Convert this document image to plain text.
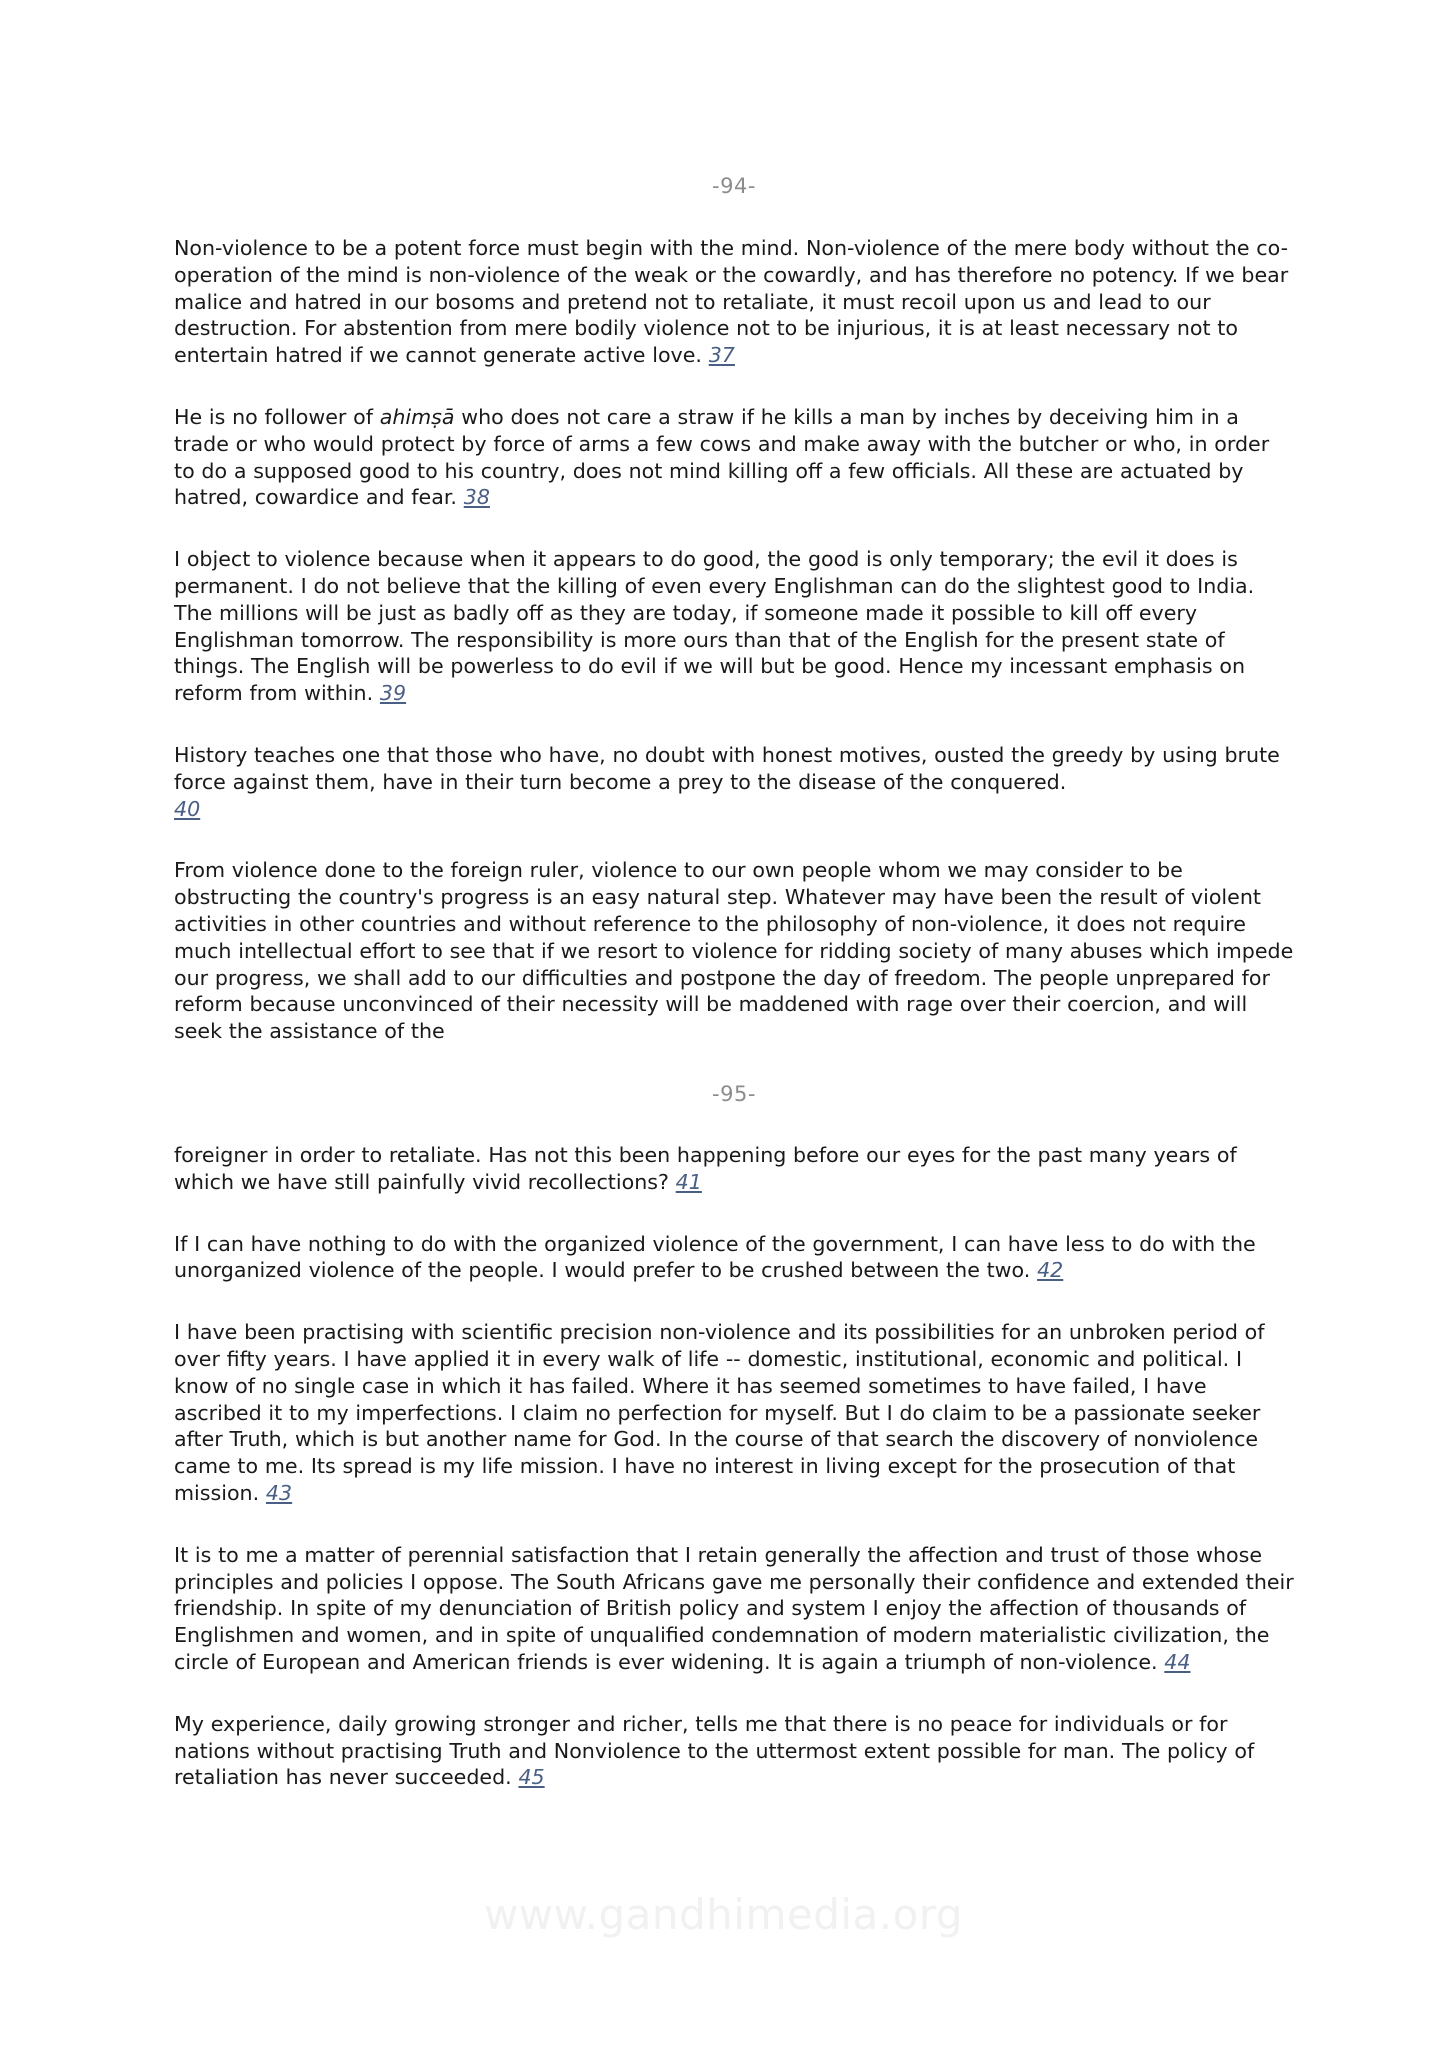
-94-

Non-violence to be a potent force must begin with the mind. Non-violence of the mere body without the co-operation of the mind is non-violence of the weak or the cowardly, and has therefore no potency. If we bear malice and hatred in our bosoms and pretend not to retaliate, it must recoil upon us and lead to our destruction. For abstention from mere bodily violence not to be injurious, it is at least necessary not to entertain hatred if we cannot generate active love. 37

He is no follower of ahimṣā who does not care a straw if he kills a man by inches by deceiving him in a trade or who would protect by force of arms a few cows and make away with the butcher or who, in order to do a supposed good to his country, does not mind killing off a few officials. All these are actuated by hatred, cowardice and fear. 38

I object to violence because when it appears to do good, the good is only temporary; the evil it does is permanent. I do not believe that the killing of even every Englishman can do the slightest good to India. The millions will be just as badly off as they are today, if someone made it possible to kill off every Englishman tomorrow. The responsibility is more ours than that of the English for the present state of things. The English will be powerless to do evil if we will but be good. Hence my incessant emphasis on reform from within. 39

History teaches one that those who have, no doubt with honest motives, ousted the greedy by using brute force against them, have in their turn become a prey to the disease of the conquered.
40

From violence done to the foreign ruler, violence to our own people whom we may consider to be obstructing the country's progress is an easy natural step. Whatever may have been the result of violent activities in other countries and without reference to the philosophy of non-violence, it does not require much intellectual effort to see that if we resort to violence for ridding society of many abuses which impede our progress, we shall add to our difficulties and postpone the day of freedom. The people unprepared for reform because unconvinced of their necessity will be maddened with rage over their coercion, and will seek the assistance of the

-95-

foreigner in order to retaliate. Has not this been happening before our eyes for the past many years of which we have still painfully vivid recollections? 41

If I can have nothing to do with the organized violence of the government, I can have less to do with the unorganized violence of the people. I would prefer to be crushed between the two. 42

I have been practising with scientific precision non-violence and its possibilities for an unbroken period of over fifty years. I have applied it in every walk of life -- domestic, institutional, economic and political. I know of no single case in which it has failed. Where it has seemed sometimes to have failed, I have ascribed it to my imperfections. I claim no perfection for myself. But I do claim to be a passionate seeker after Truth, which is but another name for God. In the course of that search the discovery of nonviolence came to me. Its spread is my life mission. I have no interest in living except for the prosecution of that mission. 43

It is to me a matter of perennial satisfaction that I retain generally the affection and trust of those whose principles and policies I oppose. The South Africans gave me personally their confidence and extended their friendship. In spite of my denunciation of British policy and system I enjoy the affection of thousands of Englishmen and women, and in spite of unqualified condemnation of modern materialistic civilization, the circle of European and American friends is ever widening. It is again a triumph of non-violence. 44

My experience, daily growing stronger and richer, tells me that there is no peace for individuals or for nations without practising Truth and Nonviolence to the uttermost extent possible for man. The policy of retaliation has never succeeded. 45

www.gandhimedia.org
